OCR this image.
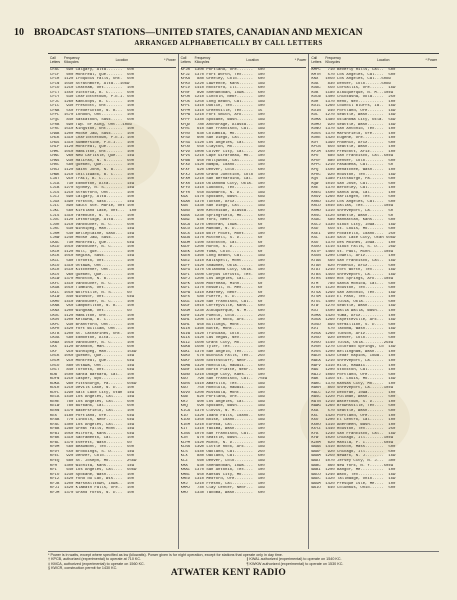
10 BROADCAST STATIONS—UNITED STATES, CANADIAN AND MEXICAN
ARRANGED ALPHABETICALLY BY CALL LETTERS
Call Letters
Frequency Kilocycles	Location	* Power
CFAC   690 Calgary, Alta.......  500
CFCF   600 Montreal, Que.......  500
CFCH  1120 Iroquois Falls, Ont.  500
CFCN  1030 Strathmore, Alta...10kw
CFCO  1210 Chatham, Ont........  100
CFCT  1450 Victoria, B. C......  500
CFCY   630 Charlottetown, P.E.I. 500
CFJC  1260 Kamloops, B. C......  100
CFLC   930 Prescott, Ont.......  100
CFNB   550 Fredericton, N. B...  500
CFPL  1570 London, Ont.........  100
CFQC   840 Saskatoon, Sask.....  500
CFRB   690 Twp. of King, Ont...10kw
CFRC  1510 Kingston, Ont.......  100
CHAB  1200 Moose Jaw, Sask.....  100
CHCK  1310 Charlottetown, P.E.I. 100
CHGS  1310 Summerside, P.E.I...  100
CHLP  1120 Montreal, Que.......  100
CHML  1010 Hamilton, Ont.......  100
CHNC   960 New Carlisle, Que...  1kw
CHNS   930 Halifax, N. S.......  500
CHRC   580 Quebec, Que.........  100
CHSJ  1120 Saint John, N. B....  100
CHWK  1210 Chilliwack, B. C....  100
CJAT   910 Trail, B. C.........  100
CJCA   730 Edmonton, Alta......  1kw
CJCB  1270 Sydney, N. S........  1kw
CJCS  1210 Stratford, Ont......  100
CJCJ   690 Calgary, Alta.......  100
CJGX  1390 Yorkton, Sask.......  1kw
CJIC   890 Sault Ste. Marie, Ont 100
CJKL   560 Kirkland Lake, Ont...  100
CJLS  1310 Yarmouth, N. S......  100
CJOC  1120 Lethbridge, Alta....  100
CJOR  1210 Vancouver, B. C.....  500
CJRC   630 Winnipeg, Man.......  1kw
CJRM   540 Belleplaine, Sask...  1kw
CJRW  1240 Moose Jaw, Sask.....  100
CKAC   730 Montreal, Que.......  5kw
CKCD  1010 Vancouver, B. C.....  100
CKCH  1120 Hull, Que...........  100
CKCK  1010 Regina, Sask........  1kw
CKCL   580 Toronto, Ont........  100
CKCO  1310 Ottawa, Ont.........  100
CKCR  1510 Kitchener, Ont......  100
CKCV   960 Quebec, Que.........  100
CKCW  1370 Moncton, N. B.......  100
CKFC  1410 Vancouver, B. C.....  100
CKGB  1010 Timmins, Ont........  100
CKIC  1010 Wolfville, N. S.....  50
CKLW   840 Windsor, Ont........  5kw
CKMO  1410 Vancouver, B. C.....  100
CKNB   950 Campbellton, N. B...  100
CKNX  1200 Wingham, Ont........  50
CKOC  1120 Hamilton, Ont.......  100
CKOV  1200 Kelowna, B. C.......  100
CKPC   930 Brantford, Ont......  100
CKPR  1420 Fort William, Ont...  100
CKTB  1200 St. Catharines, Ont.  100
CKUA   580 Edmonton, Alta......  500
CKWX  1010 Vancouver, B. C.....  100
CKX   1120 Brandon, Man........  500
CKY    910 Winnipeg, Man.......  15kw
CRCK  1050 Quebec, Que.........  1kw
CRCM   910 Montreal, Que.......  5kw
CRCO   880 Ottawa, Ont.........  1kw
CRCT   840 Toronto, Ont........  5kw
KDB   1500 Santa Barbara, Cal..  100
KDFN  1210 Casper, Wyo.........  100
KDKA   980 Pittsburgh, Pa......  50kw
KDLR  1210 Devils Lake, N. D...  100
KDYL  1290 Salt Lake City, Utah  1kw
KECA  1430 Los Angeles, Cal....  1kw
KEHE   780 Los Angeles, Cal....  500
KELW   780 Burbank, Cal........  500
KERN  1370 Bakersfield, Cal....  100
KEX   1180 Portland, Ore.......  5kw
KFAB   770 Lincoln, Nebr.......  5kw
KFAC  1300 Los Angeles, Cal....  1kw
KFBB  1280 Great Falls, Mont...  1kw
KFBI  1050 Milford, Kans.......  5kw
KFBK  1310 Sacramento, Cal.....  100
KFBL  1370 Everett, Wash.......  50
KFDM   560 Beaumont, Tex.......  500
KFDY   550 Brookings, S. D.....  1kw
KFEL   920 Denver, Colo........  500
KFEQ   680 St. Joseph, Mo......  2½kw
KFH   1300 Wichita, Kans.......  1kw
KFI    640 Los Angeles, Cal....  50kw
KFIO  1230 Spokane, Wash.......  100
KFIZ  1420 Fond du Lac, Wis....  100
KFJB  1200 Marshalltown, Iowa..  100
KFJI  1420 Klamath Falls, Ore..  100
KFJM  1370 Grand Forks, N. D...  100
Call Letters
Frequency Kilocycles	Location	* Power
KFJR  1300 Portland, Ore.......  500
KFJZ  1370 Fort Worth, Tex.....  100
KFKA   880 Greeley, Colo.......  500
KFKU  1220 Lawrence, Kans......  1kw
KFLV  1410 Rockford, Ill.......  500
KFNF   890 Shenandoah, Iowa....  500
KFOR  1210 Lincoln, Nebr.......  100
KFOX  1250 Long Beach, Cal.....  1kw
KFPL  1310 Dublin, Tex.........  100
KFPM  1310 Greenville, Tex.....  15
KFPW  1210 Fort Smith, Ark.....  100
KFPY  1340 Spokane, Wash.......  1kw
KFQD   780 Anchorage, Alaska...  100
KFRC   610 San Francisco, Cal..  1kw
KFRU   630 Columbia, Mo........  500
KFSD   600 San Diego, Cal......  500
KFSG  1120 Los Angeles, Cal....  500
KFUO   550 Clayton, Mo.........  1kw
KFVD  1000 Culver City, Cal....  250
KFVS  1210 Cape Girardeau, Mo..  100
KFWB   950 Hollywood, Cal......  1kw
KFXD  1420 Nampa, Idaho........  100
KFXF   920 Denver, Colo........  500
KFXJ  1200 Grand Junction, Colo  100
KFXM  1210 San Bernardino, Cal.  100
KFXR  1310 Oklahoma City, Okla.  100
KFYO  1310 Lubbock, Tex........  100
KFYR   550 Bismarck, N. D......  1kw
KGA   1470 Spokane, Wash.......  5kw
KGAR  1370 Tucson, Ariz........  100
KGB   1330 San Diego, Cal......  1kw
KGBU   900 Ketchikan, Alaska...  500
KGBX  1230 Springfield, Mo.....  500
KGBZ   930 York, Nebr..........  500
KGCA  1270 Decorah, Iowa.......  50
KGCU  1240 Mandan, N. D........  100
KGCX  1310 Wolf Point, Mont....  100
KGDA  1370 Mitchell, S. D......  50
KGDM  1100 Stockton, Cal.......  50
KGDY  1200 Huron, S. D.........  100
KGEK  1200 Yuma, Colo..........  50
KGER  1360 Long Beach, Cal.....  1kw
KGEZ  1310 Kalispell, Mont.....  100
KGFF  1420 Shawnee, Okla.......  100
KGFG  1370 Oklahoma City, Okla.  100
KGFI  1500 Corpus Christi, Tex.  100
KGFJ  1200 Los Angeles, Cal....  100
KGFK  1500 Moorhead, Minn......  50
KGFL  1370 Roswell, N. Mex.....  50
KGFW  1310 Kearney, Nebr.......  50
KGFX   580 Pierre, S. D........  200
KGGC  1420 San Francisco, Cal..  50
KGGF  1010 Coffeyville, Kans...  500
KGGM  1230 Albuquerque, N. M...  500
KGHF  1320 Pueblo, Colo........  250
KGHI  1200 Little Rock, Ark....  100
KGHL   950 Billings, Mont......  500
KGIR  1360 Butte, Mont.........  500
KGIW  1420 Trinidad, Colo......  100
KGIX  1420 Las Vegas, Nev......  100
KGIZ  1500 Grant City, Mo......  100
KGKB  1500 Tyler, Tex..........  100
KGKL  1370 San Angelo, Tex.....  100
KGKO   570 Wichita Falls, Tex..  250
KGKY  1500 Scottsbluff, Nebr...  100
KGMB  1320 Honolulu, Hawaii....  500
KGNF  1430 North Platte, Nebr..  500
KGNO  1210 Dodge City, Kans....  100
KGO    790 San Francisco, Cal..  7½kw
KGRS  1410 Amarillo, Tex.......  1kw
KGU    750 Honolulu, Hawaii....  1kw
KGVO  1200 Missoula, Mont......  100
KGW    620 Portland, Ore.......  1kw
KHJ    900 Los Angeles, Cal....  1kw
KHQ    590 Spokane, Wash.......  1kw
KICA  1370 Clovis, N. M........  100
KID   1320 Idaho Falls, Idaho..  500
KIDO  1350 Boise, Idaho........  1kw
KIEM  1210 Eureka, Cal.........  100
KIT   1310 Yakima, Wash........  100
KJBS  1070 San Francisco, Cal..  100
KJR    970 Seattle, Wash.......  5kw
KLPM  1420 Minot, N. D.........  100
KLRA  1390 Little Rock, Ark....  1kw
KLS   1440 Oakland, Cal........  250
KLX    880 Oakland, Cal........  500
KLZ    560 Denver, Colo........  1kw
KMA    930 Shenandoah, Iowa....  500
KMAC  1370 San Antonio, Tex....  100
KMBC   950 Kansas City, Mo.....  1kw
KMED  1310 Medford, Ore........  100
KMJ   1210 Fresno, Cal.........  100
KMMJ   740 Clay Center, Nebr...  1kw
KMO   1330 Tacoma, Wash........  500
Call Letters
Frequency Kilocycles	Location	* Power
KMPC   710 Beverly Hills, Cal..  500
KMTR   570 Los Angeles, Cal....  500
KNX   1050 Los Angeles, Cal...50kw
KOA    830 Denver, Colo.......50kw
KOAC   550 Corvallis, Ore......  1kw
KOB   1180 Albuquerque, N. M...10kw
KOCW  1400 Chickasha, Okla.....  250
KOH   1370 Reno, Nev...........  100
KOIL  1260 Council Bluffs, Ia..  1kw
KOIN   940 Portland, Ore.......  1kw
KOL   1270 Seattle, Wash.......  1kw
KOMA  1480 Oklahoma City, Okla.  5kw
KOMO   920 Seattle, Wash.......  1kw
KONO  1370 San Antonio, Tex....  100
KOOS  1370 Marshfield, Ore.....  100
KORE  1420 Eugene, Ore.........  100
KOY   1390 Phoenix, Ariz.......  500
KPCB   650 Seattle, Wash.......  100
KPJM  1500 Prescott, Ariz......  100
KPO    680 San Francisco, Cal..50kw
KPOF   880 Denver, Colo........  500
KPPC  1210 Pasadena, Cal.......  50
KPQ   1500 Wenatchee, Wash.....  100
KPRC   920 Houston, Tex........  1kw
KQV   1380 Pittsburgh, Pa......  500
KQW   1010 San Jose, Cal.......  500
KRE   1370 Berkeley, Cal.......  100
KREG  1500 Santa Ana, Cal......  100
KRGV  1260 Harlingen, Tex......  500
KRKD  1120 Los Angeles, Cal....  500
KRLD  1040 Dallas, Tex.........10kw
KRMD  1310 Shreveport, La......  50
KRSC  1120 Seattle, Wash.......  50
KSAC   580 Manhattan, Kans.....  500
KSCJ  1330 Sioux City, Iowa....  1kw
KSD    550 St. Louis, Mo.......  500
KSEI   900 Pocatello, Idaho....  250
KSL   1130 Salt Lake City, Utah 50kw
KSO   1370 Des Moines, Iowa....  100
KSOO  1110 Sioux Falls, S. D...  2kw
KSTP  1460 St. Paul, Minn......10kw
KSUN  1200 Lowell, Ariz........  100
KTAB   560 San Francisco, Cal..  1kw
KTAR   620 Phoenix, Ariz.......  500
KTAT  1240 Fort Worth, Tex.....  1kw
KTBS  1450 Shreveport, La......  1kw
KTHS  1060 Hot Springs, Ark....10kw
KTM    780 Santa Monica, Cal...  500
KTRH  1120 Houston, Tex........  500
KTSA  1290 San Antonio, Tex....  1kw
KTSM  1310 El Paso, Tex........  100
KTUL  1400 Tulsa, Okla.........  500
KTW   1270 Seattle, Wash.......  1kw
KUJ   1500 Walla Walla, Wash...  100
KUMA  1420 Yuma, Ariz..........  100
KUOA  1260 Fayetteville, Ark...  1kw
KUSD   890 Vermillion, S. D....  500
KVI    570 Tacoma, Wash........  1kw
KVOA  1260 Tucson, Ariz........  500
KVOD   920 Denver, Colo........  500
KVOO  1140 Tulsa, Okla.........25kw
KVOR  1270 Colorado Springs, Co  1kw
KVOS  1200 Bellingham, Wash....  100
KWCR  1420 Cedar Rapids, Iowa..  100
KWEA  1210 Shreveport, La......  100
KWFV  1310 Hilo, Hawaii........  100
KWG   1200 Stockton, Cal.......  100
KWJJ  1060 Portland, Ore.......  500
KWK   1350 St. Louis, Mo.......  1kw
KWKC  1370 Kansas City, Mo.....  100
KWKH   850 Shreveport, La......10kw
KWLC  1270 Decorah, Iowa.......  100
KWSC  1220 Pullman, Wash.......  500
KWTN  1210 Watertown, S. D.....  100
KWWG  1260 Brownsville, Tex....  500
KXA    570 Seattle, Wash.......  500
KXL   1420 Portland, Ore.......  100
KXO   1200 El Centro, Cal......  100
KXRO  1310 Aberdeen, Wash......  100
KXYZ  1440 Houston, Tex........  250
KYA   1230 San Francisco, Cal..  1kw
KYW   1020 Chicago, Ill........10kw
KZRM   620 Manila, P. I........50kw
WAAB  1410 Boston, Mass........  500
WAAF   920 Chicago, Ill........  500
WAAM  1250 Newark, N. J........  1kw
WAAT  1070 Jersey City, N. J...  300
WABC   860 New York, N. Y......50kw
WABI  1200 Bangor, Me..........  100
WACO  1240 Waco, Tex...........  1kw
WADC  1320 Tallmadge, Ohio.....  1kw
WAGM  1420 Presque Isle, Me....  100
WAIU   640 Columbus, Ohio......  500
* Power is in watts, except where specified as kw (kilowatts). Power given is for night operation, except for stations that operate only in day time.
† KPCB, authorized (experimental) to operate at 710 KC.	∥ KWAL authorized (experimental) to operate on 1540 KC.
‡ KMCA, authorized (experimental) to operate on 1560 KC.	¶ KWKW authorized (experimental) to operate on 1530 KC.
§ KWCR, construction permit for 1430 KC.	ATWATER KENT RADIO
